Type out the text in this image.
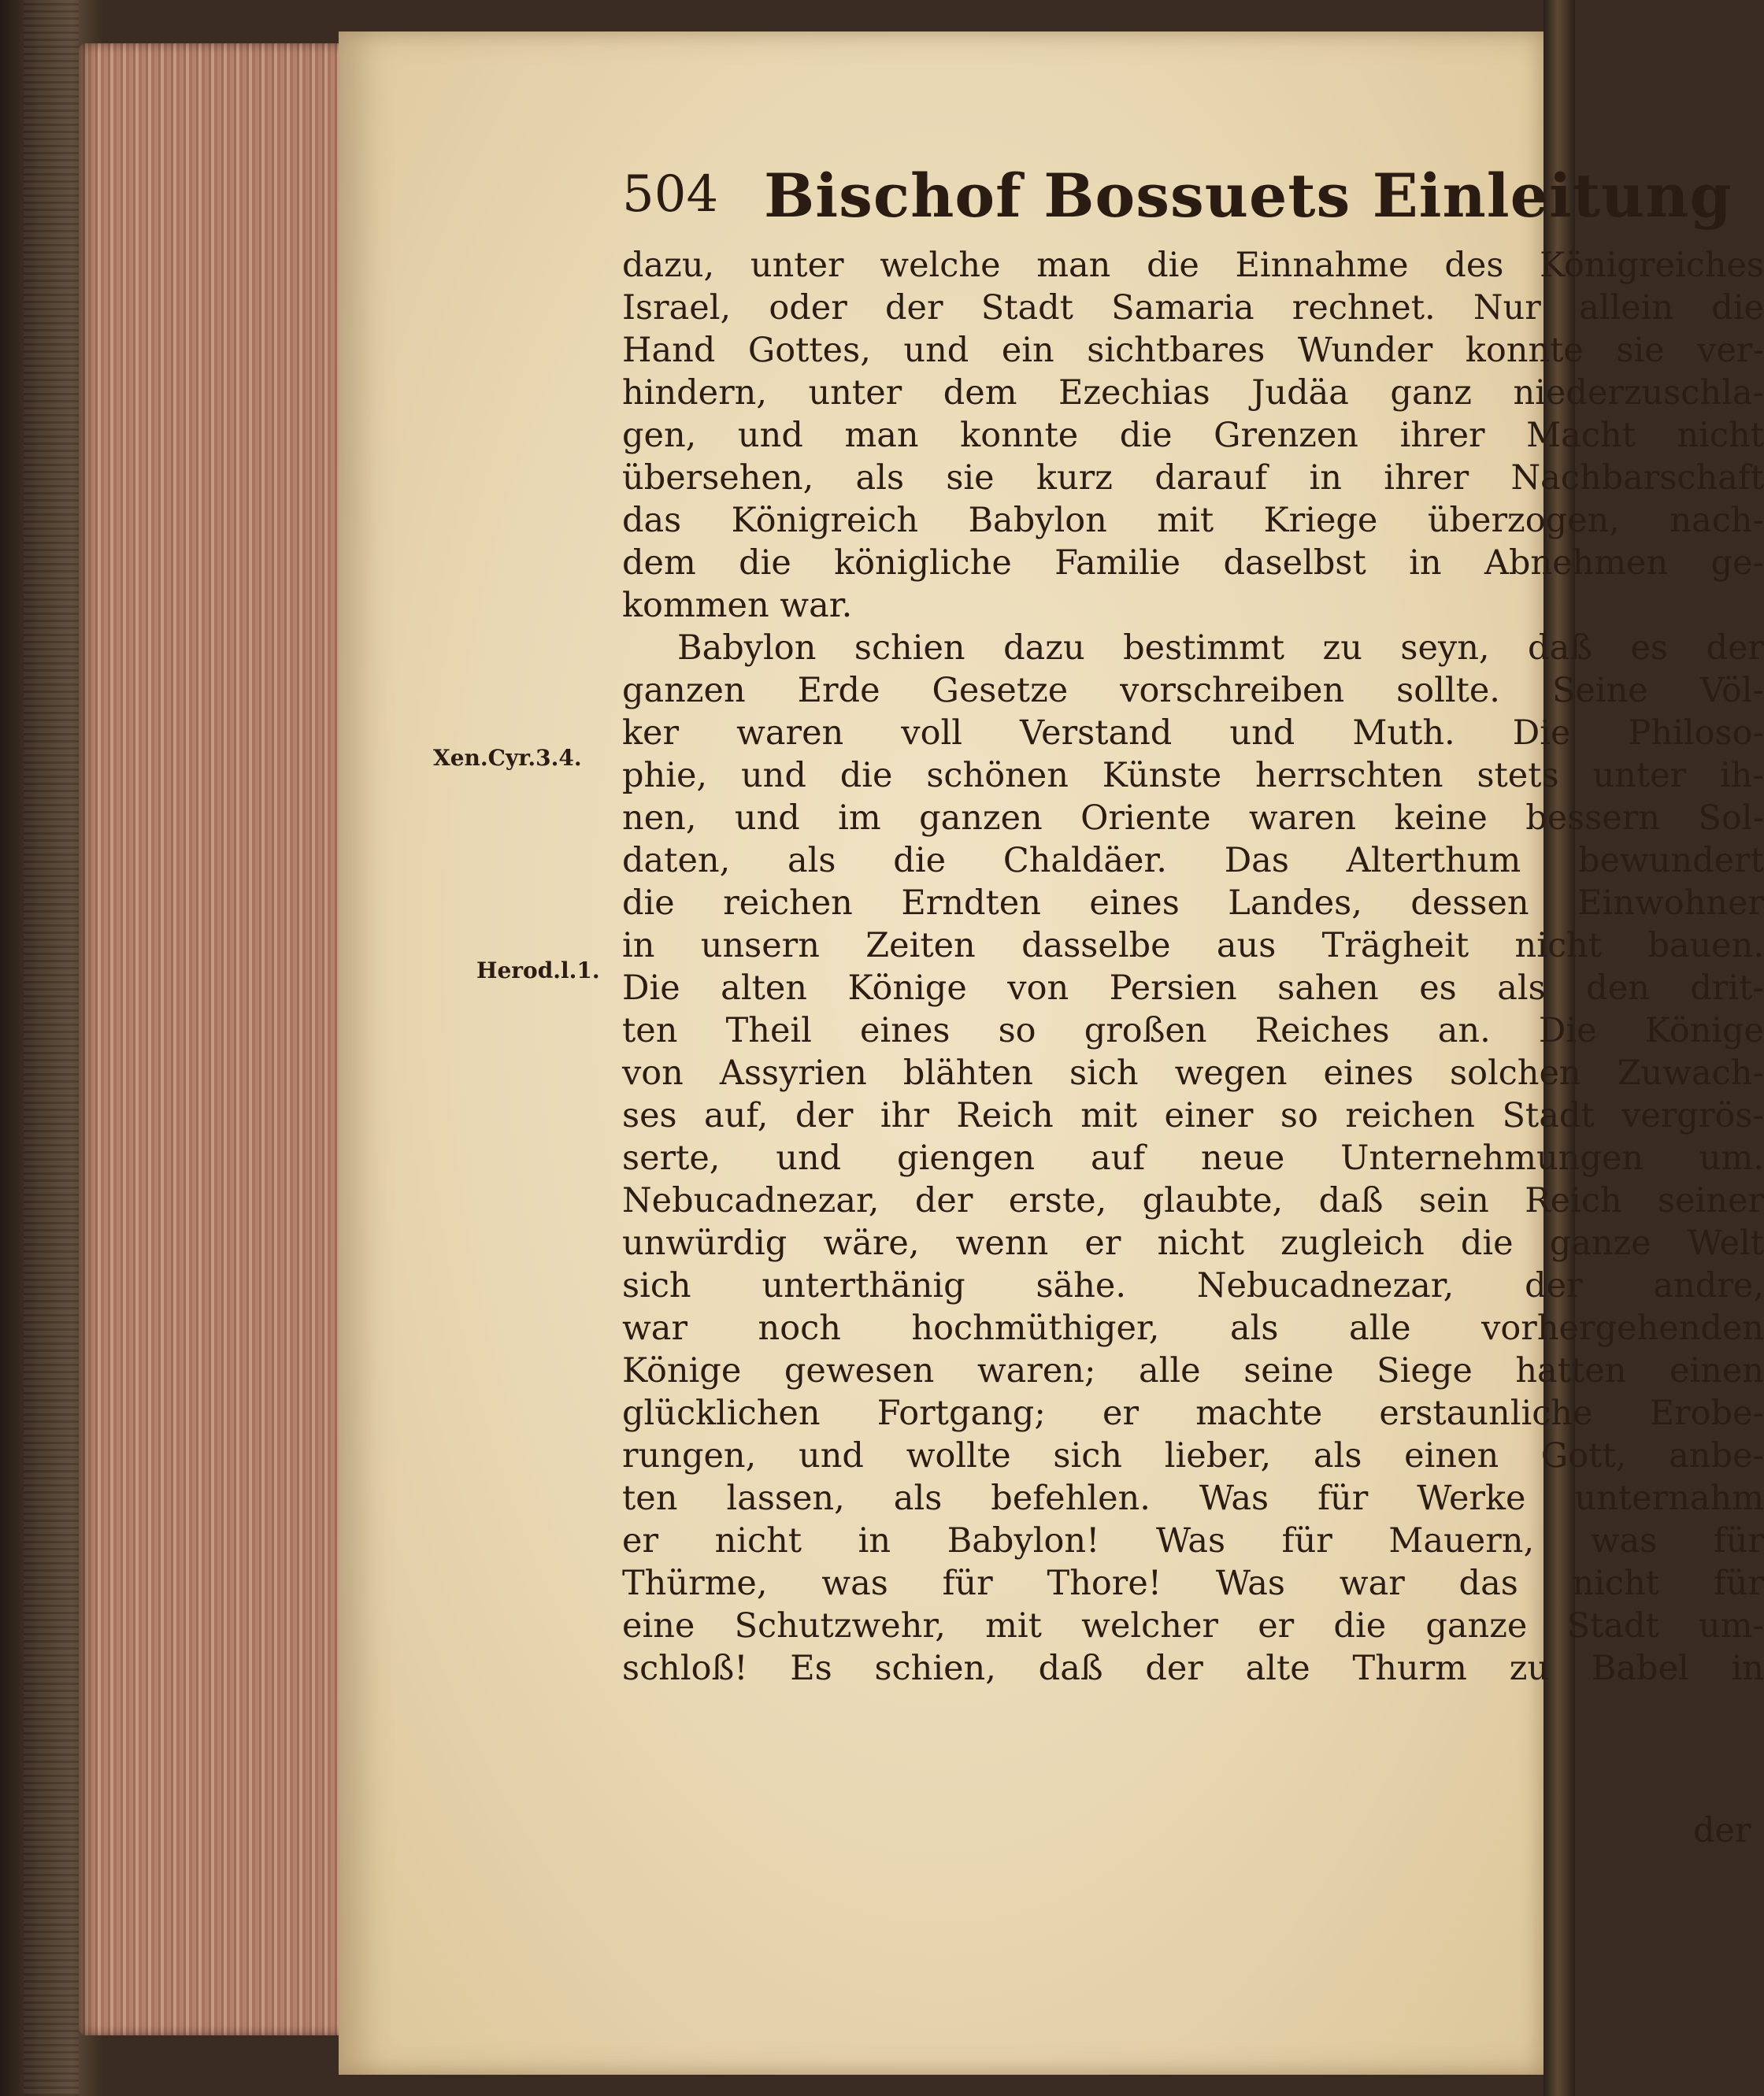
504 Bischof Bossuets Einleitung
Xen.Cyr.3.4.
Herod.l.1.
dazu, unter welche man die Einnahme des Königreiches
Israel, oder der Stadt Samaria rechnet. Nur allein die
Hand Gottes, und ein sichtbares Wunder konnte sie ver-
hindern, unter dem Ezechias Judäa ganz niederzuschla-
gen, und man konnte die Grenzen ihrer Macht nicht
übersehen, als sie kurz darauf in ihrer Nachbarschaft
das Königreich Babylon mit Kriege überzogen, nach-
dem die königliche Familie daselbst in Abnehmen ge-
kommen war.
Babylon schien dazu bestimmt zu seyn, daß es der
ganzen Erde Gesetze vorschreiben sollte. Seine Völ-
ker waren voll Verstand und Muth. Die Philoso-
phie, und die schönen Künste herrschten stets unter ih-
nen, und im ganzen Oriente waren keine bessern Sol-
daten, als die Chaldäer. Das Alterthum bewundert
die reichen Erndten eines Landes, dessen Einwohner
in unsern Zeiten dasselbe aus Trägheit nicht bauen.
Die alten Könige von Persien sahen es als den drit-
ten Theil eines so großen Reiches an. Die Könige
von Assyrien blähten sich wegen eines solchen Zuwach-
ses auf, der ihr Reich mit einer so reichen Stadt vergrös-
serte, und giengen auf neue Unternehmungen um.
Nebucadnezar, der erste, glaubte, daß sein Reich seiner
unwürdig wäre, wenn er nicht zugleich die ganze Welt
sich unterthänig sähe. Nebucadnezar, der andre,
war noch hochmüthiger, als alle vorhergehenden
Könige gewesen waren; alle seine Siege hatten einen
glücklichen Fortgang; er machte erstaunliche Erobe-
rungen, und wollte sich lieber, als einen Gott, anbe-
ten lassen, als befehlen. Was für Werke unternahm
er nicht in Babylon! Was für Mauern, was für
Thürme, was für Thore! Was war das nicht für
eine Schutzwehr, mit welcher er die ganze Stadt um-
schloß! Es schien, daß der alte Thurm zu Babel in
der
